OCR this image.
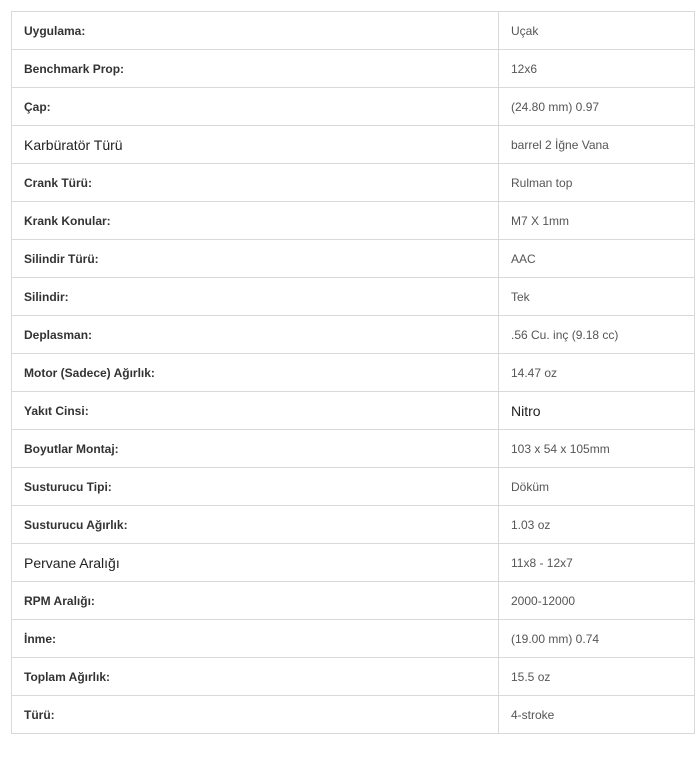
Uygulama:	Uçak
Benchmark Prop:	12x6
Çap:	(24.80 mm) 0.97
Karbüratör Türü	barrel 2 İğne Vana
Crank Türü:	Rulman top
Krank Konular:	M7 X 1mm
Silindir Türü:	AAC
Silindir:	Tek
Deplasman:	.56 Cu. inç (9.18 cc)
Motor (Sadece) Ağırlık:	14.47 oz
Yakıt Cinsi:	Nitro
Boyutlar Montaj:	103 x 54 x 105mm
Susturucu Tipi:	Döküm
Susturucu Ağırlık:	1.03 oz
Pervane Aralığı	11x8 - 12x7
RPM Aralığı:	2000-12000
İnme:	(19.00 mm) 0.74
Toplam Ağırlık:	15.5 oz
Türü:	4-stroke
